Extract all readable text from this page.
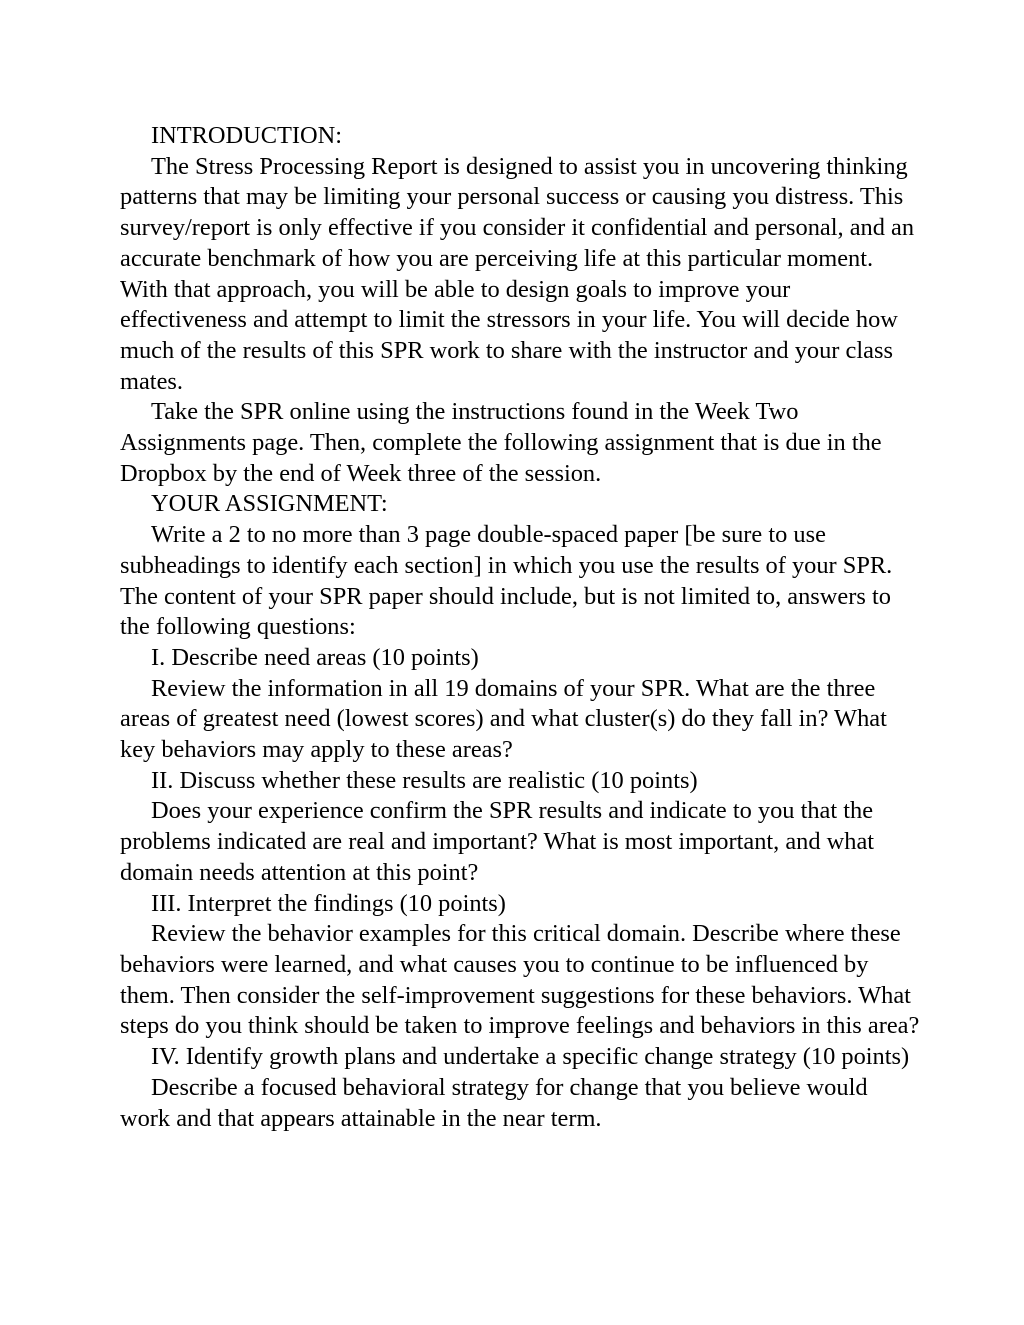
INTRODUCTION:

The Stress Processing Report is designed to assist you in uncovering thinking patterns that may be limiting your personal success or causing you distress. This survey/report is only effective if you consider it confidential and personal, and an accurate benchmark of how you are perceiving life at this particular moment. With that approach, you will be able to design goals to improve your effectiveness and attempt to limit the stressors in your life. You will decide how much of the results of this SPR work to share with the instructor and your class mates.

Take the SPR online using the instructions found in the Week Two Assignments page. Then, complete the following assignment that is due in the Dropbox by the end of Week three of the session.

YOUR ASSIGNMENT:

Write a 2 to no more than 3 page double-spaced paper [be sure to use subheadings to identify each section] in which you use the results of your SPR. The content of your SPR paper should include, but is not limited to, answers to the following questions:

I. Describe need areas (10 points)

Review the information in all 19 domains of your SPR. What are the three areas of greatest need (lowest scores) and what cluster(s) do they fall in? What key behaviors may apply to these areas?

II. Discuss whether these results are realistic (10 points)

Does your experience confirm the SPR results and indicate to you that the problems indicated are real and important? What is most important, and what domain needs attention at this point?

III. Interpret the findings (10 points)

Review the behavior examples for this critical domain. Describe where these behaviors were learned, and what causes you to continue to be influenced by them. Then consider the self-improvement suggestions for these behaviors. What steps do you think should be taken to improve feelings and behaviors in this area?

IV. Identify growth plans and undertake a specific change strategy (10 points)

Describe a focused behavioral strategy for change that you believe would work and that appears attainable in the near term.
